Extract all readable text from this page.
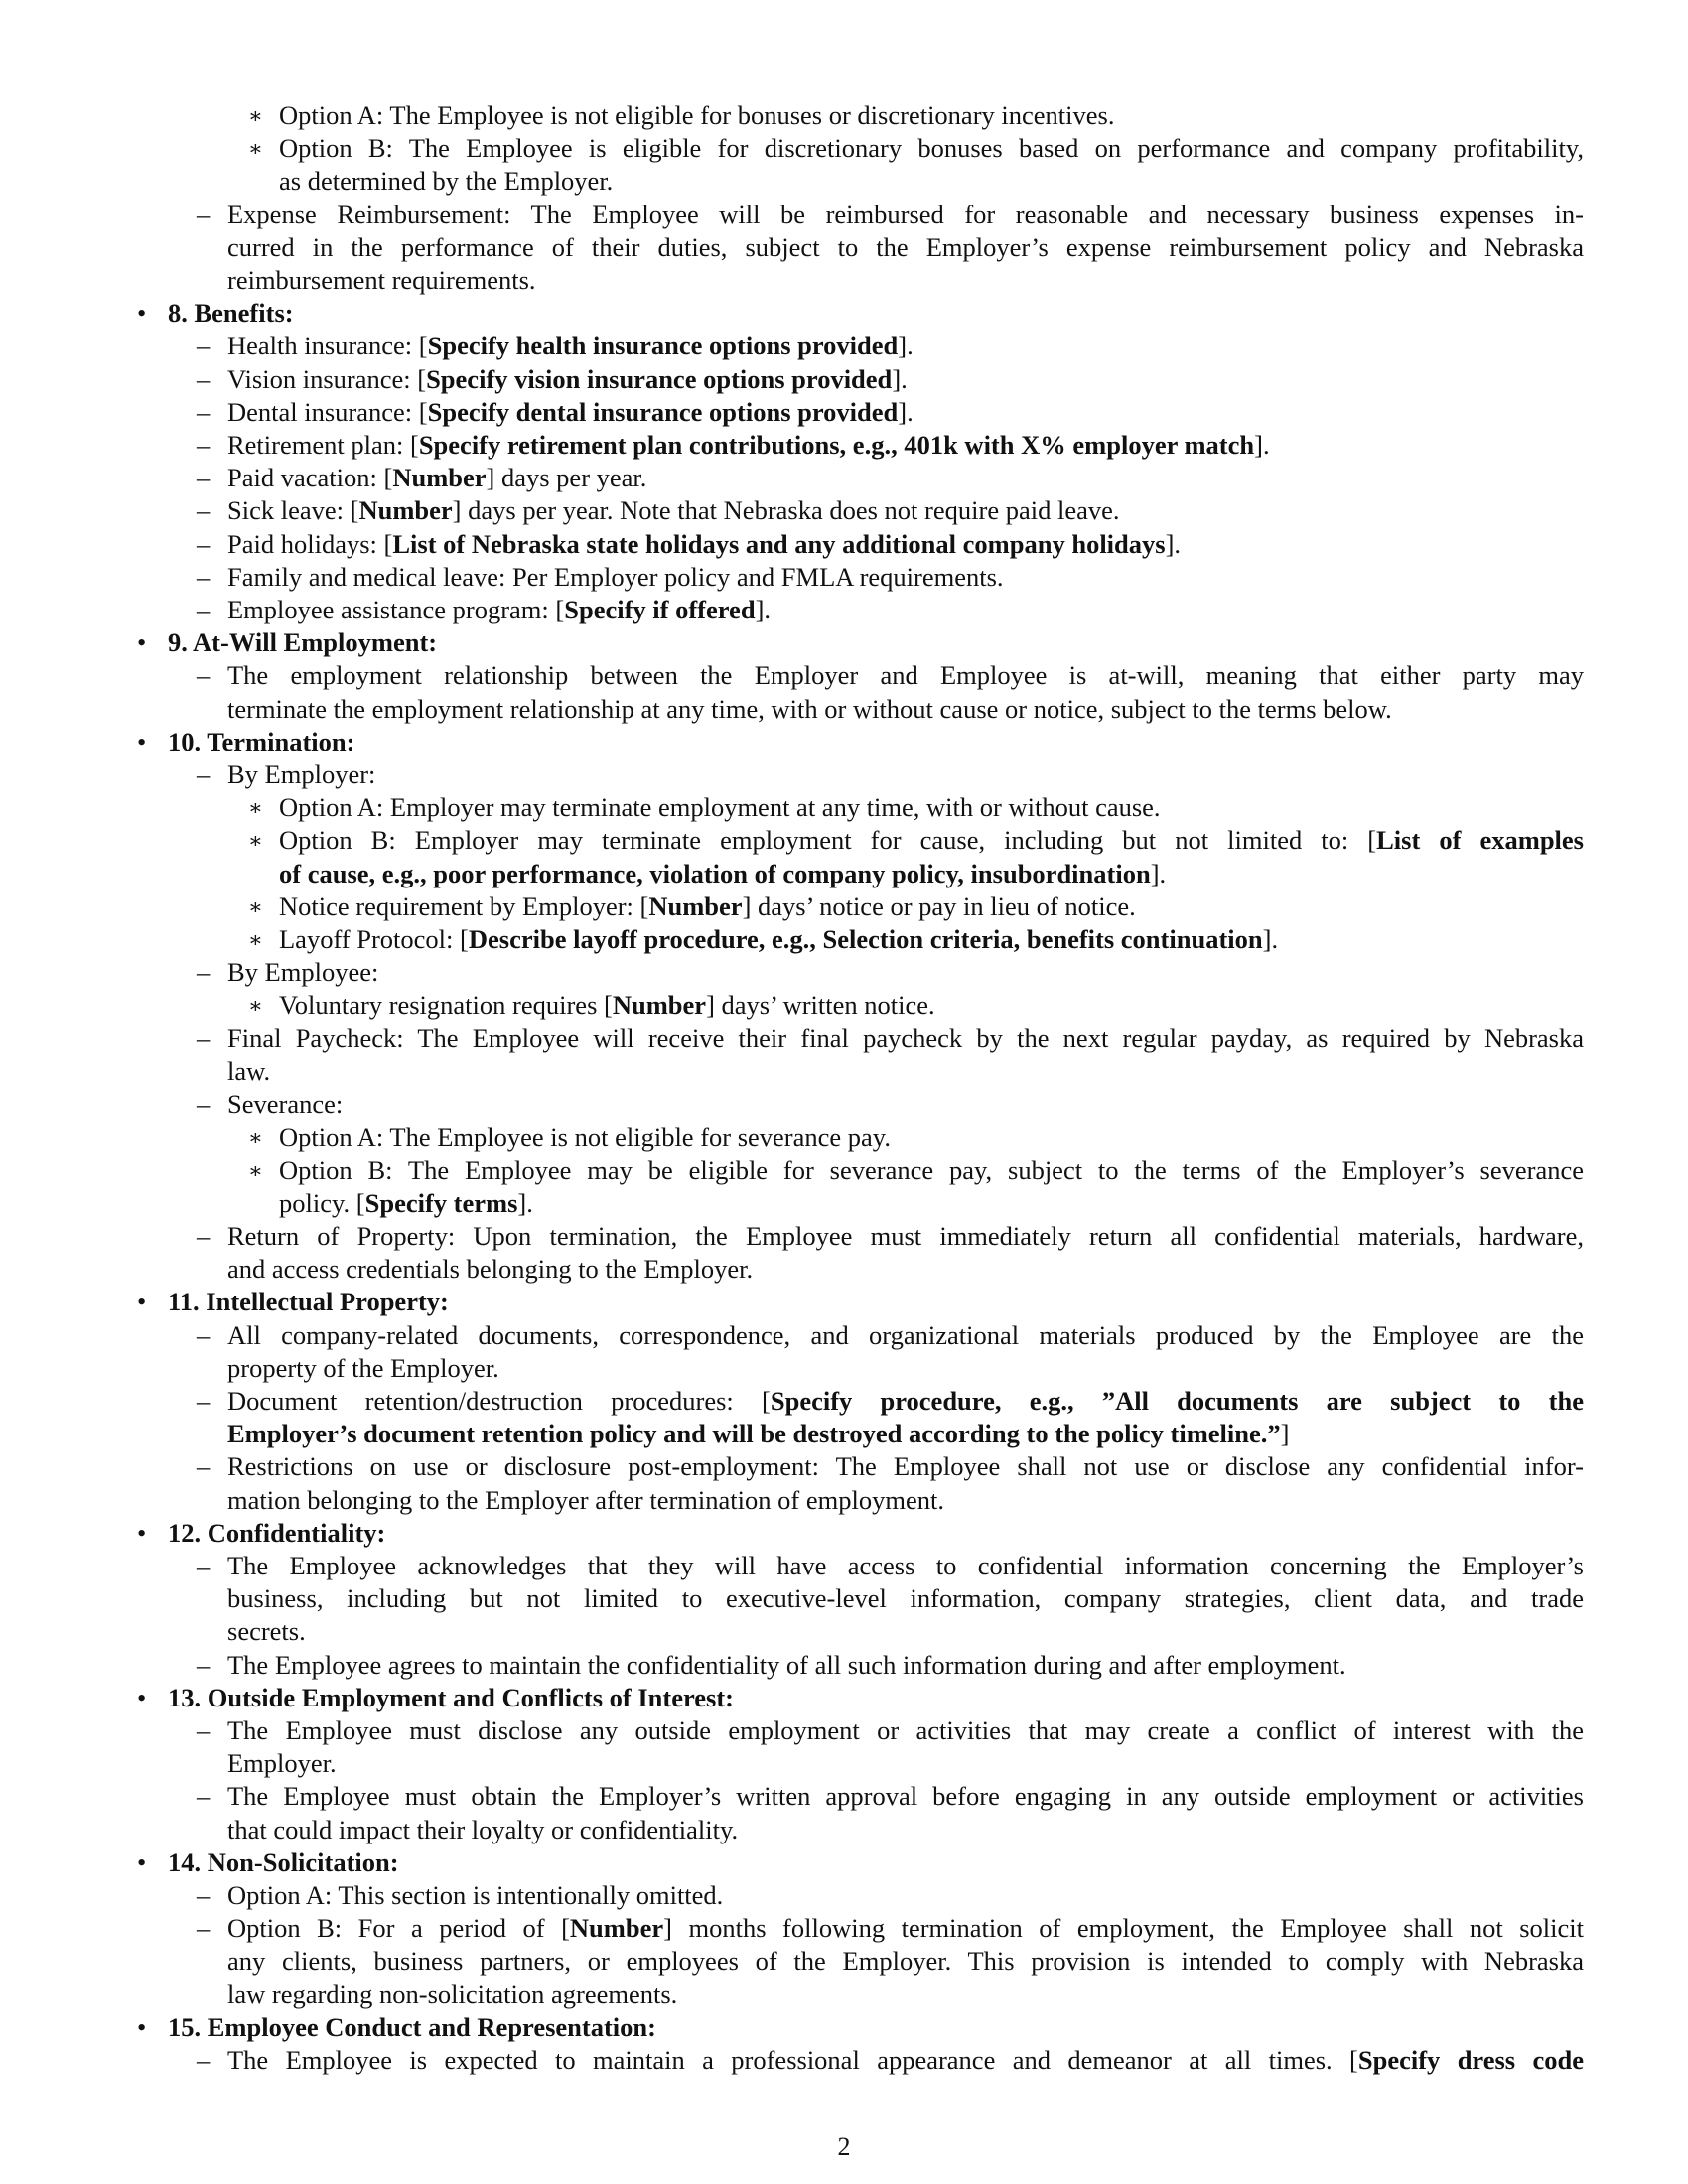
∗ Option A: The Employee is not eligible for bonuses or discretionary incentives.
∗ Option B: The Employee is eligible for discretionary bonuses based on performance and company profitability,
as determined by the Employer.
– Expense Reimbursement: The Employee will be reimbursed for reasonable and necessary business expenses in-
curred in the performance of their duties, subject to the Employer’s expense reimbursement policy and Nebraska
reimbursement requirements.
• 8. Benefits:
– Health insurance: [Specify health insurance options provided].
– Vision insurance: [Specify vision insurance options provided].
– Dental insurance: [Specify dental insurance options provided].
– Retirement plan: [Specify retirement plan contributions, e.g., 401k with X% employer match].
– Paid vacation: [Number] days per year.
– Sick leave: [Number] days per year. Note that Nebraska does not require paid leave.
– Paid holidays: [List of Nebraska state holidays and any additional company holidays].
– Family and medical leave: Per Employer policy and FMLA requirements.
– Employee assistance program: [Specify if offered].
• 9. At-Will Employment:
– The employment relationship between the Employer and Employee is at-will, meaning that either party may
terminate the employment relationship at any time, with or without cause or notice, subject to the terms below.
• 10. Termination:
– By Employer:
∗ Option A: Employer may terminate employment at any time, with or without cause.
∗ Option B: Employer may terminate employment for cause, including but not limited to: [List of examples
of cause, e.g., poor performance, violation of company policy, insubordination].
∗ Notice requirement by Employer: [Number] days’ notice or pay in lieu of notice.
∗ Layoff Protocol: [Describe layoff procedure, e.g., Selection criteria, benefits continuation].
– By Employee:
∗ Voluntary resignation requires [Number] days’ written notice.
– Final Paycheck: The Employee will receive their final paycheck by the next regular payday, as required by Nebraska
law.
– Severance:
∗ Option A: The Employee is not eligible for severance pay.
∗ Option B: The Employee may be eligible for severance pay, subject to the terms of the Employer’s severance
policy. [Specify terms].
– Return of Property: Upon termination, the Employee must immediately return all confidential materials, hardware,
and access credentials belonging to the Employer.
• 11. Intellectual Property:
– All company-related documents, correspondence, and organizational materials produced by the Employee are the
property of the Employer.
– Document retention/destruction procedures: [Specify procedure, e.g., ”All documents are subject to the
Employer’s document retention policy and will be destroyed according to the policy timeline.”]
– Restrictions on use or disclosure post-employment: The Employee shall not use or disclose any confidential infor-
mation belonging to the Employer after termination of employment.
• 12. Confidentiality:
– The Employee acknowledges that they will have access to confidential information concerning the Employer’s
business, including but not limited to executive-level information, company strategies, client data, and trade
secrets.
– The Employee agrees to maintain the confidentiality of all such information during and after employment.
• 13. Outside Employment and Conflicts of Interest:
– The Employee must disclose any outside employment or activities that may create a conflict of interest with the
Employer.
– The Employee must obtain the Employer’s written approval before engaging in any outside employment or activities
that could impact their loyalty or confidentiality.
• 14. Non-Solicitation:
– Option A: This section is intentionally omitted.
– Option B: For a period of [Number] months following termination of employment, the Employee shall not solicit
any clients, business partners, or employees of the Employer. This provision is intended to comply with Nebraska
law regarding non-solicitation agreements.
• 15. Employee Conduct and Representation:
– The Employee is expected to maintain a professional appearance and demeanor at all times. [Specify dress code
2
